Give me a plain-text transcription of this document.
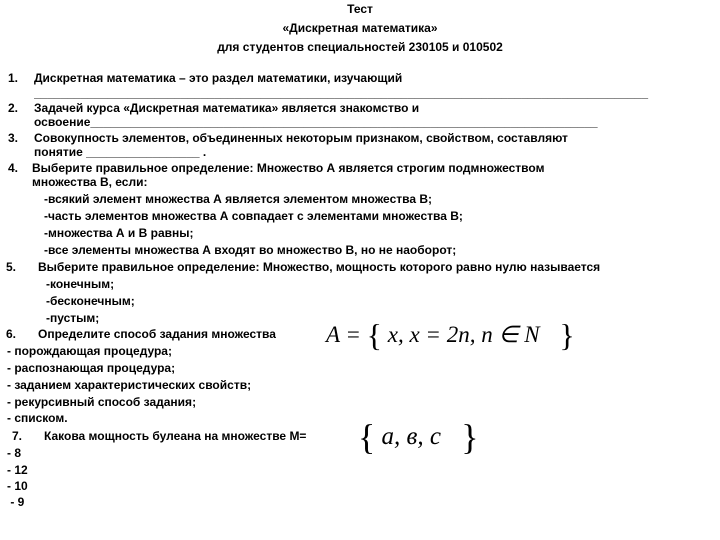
Тест
«Дискретная математика»
для студентов специальностей 230105 и 010502
1. Дискретная математика – это раздел математики, изучающий
____________________________________________________________________________________________
2. Задачей курса «Дискретная математика» является знакомство и
освоение____________________________________________________________________________
3. Совокупность элементов, объединенных некоторым признаком, свойством, составляют
понятие _________________ .
4. Выберите правильное определение: Множество А является строгим подмножеством
множества В, если:
-всякий элемент множества А является элементом множества В;
-часть элементов множества А совпадает с элементами множества В;
-множества А и В равны;
-все элементы множества А входят во множество В, но не наоборот;
5. Выберите правильное определение: Множество, мощность которого равно нулю называется
-конечным;
-бесконечным;
-пустым;
6. Определите способ задания множества A = { x, x = 2n, n ∈ N }
- порождающая процедура;
- распознающая процедура;
- заданием характеристических свойств;
- рекурсивный способ задания;
- списком.
7. Какова мощность булеана на множестве М= { a, в, c }
- 8
- 12
- 10
- 9
